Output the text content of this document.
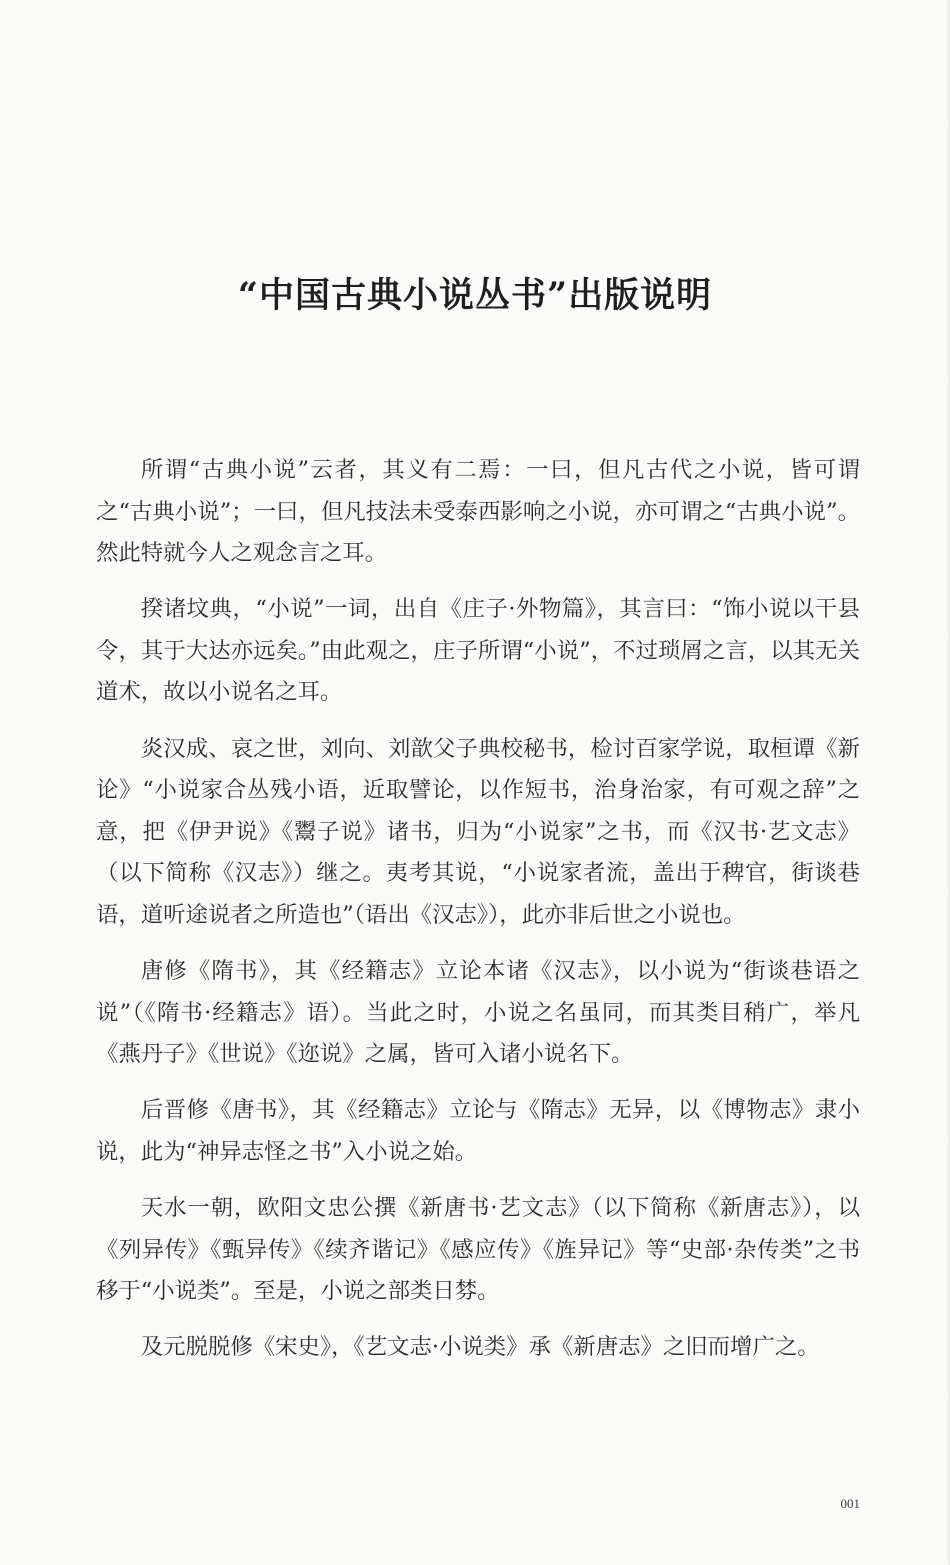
“中国古典小说丛书”出版说明

所谓“古典小说”云者，其义有二焉：一曰，但凡古代之小说，皆可谓之“古典小说”；一曰，但凡技法未受泰西影响之小说，亦可谓之“古典小说”。然此特就今人之观念言之耳。

揆诸坟典，“小说”一词，出自《庄子·外物篇》，其言曰：“饰小说以干县令，其于大达亦远矣。”由此观之，庄子所谓“小说”，不过琐屑之言，以其无关道术，故以小说名之耳。

炎汉成、哀之世，刘向、刘歆父子典校秘书，检讨百家学说，取桓谭《新论》“小说家合丛残小语，近取譬论，以作短书，治身治家，有可观之辞”之意，把《伊尹说》《鬻子说》诸书，归为“小说家”之书，而《汉书·艺文志》（以下简称《汉志》）继之。夷考其说，“小说家者流，盖出于稗官，街谈巷语，道听途说者之所造也”（语出《汉志》），此亦非后世之小说也。

唐修《隋书》，其《经籍志》立论本诸《汉志》，以小说为“街谈巷语之说”（《隋书·经籍志》语）。当此之时，小说之名虽同，而其类目稍广，举凡《燕丹子》《世说》《迩说》之属，皆可入诸小说名下。

后晋修《唐书》，其《经籍志》立论与《隋志》无异，以《博物志》隶小说，此为“神异志怪之书”入小说之始。

天水一朝，欧阳文忠公撰《新唐书·艺文志》（以下简称《新唐志》），以《列异传》《甄异传》《续齐谐记》《感应传》《旌异记》等“史部·杂传类”之书移于“小说类”。至是，小说之部类日棼。

及元脱脱修《宋史》，《艺文志·小说类》承《新唐志》之旧而增广之。

001
